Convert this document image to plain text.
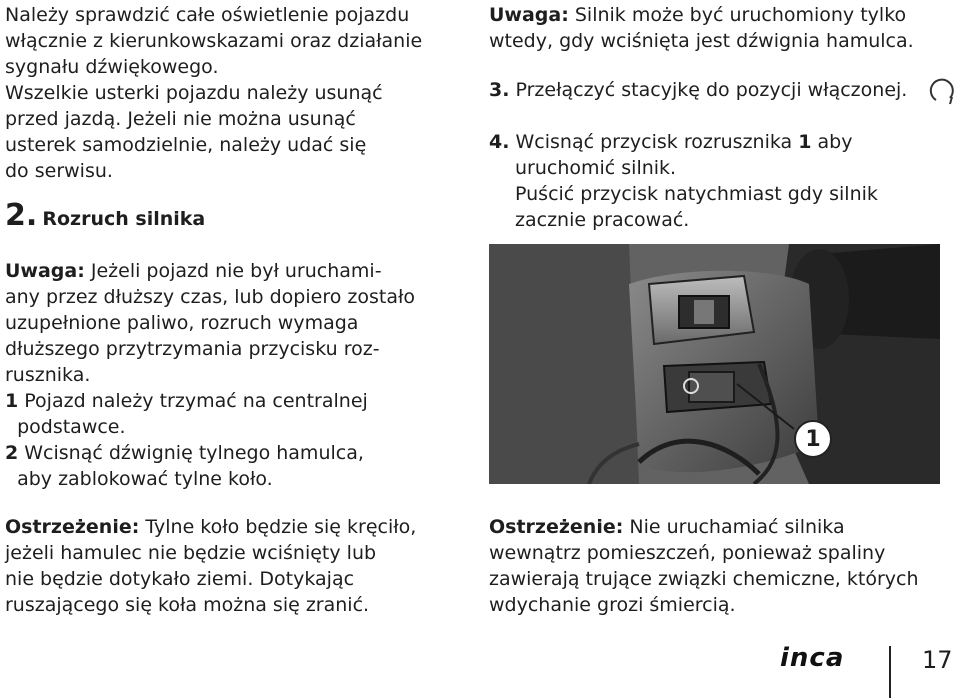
Należy sprawdzić całe oświetlenie pojazdu
włącznie z kierunkowskazami oraz działanie
sygnału dźwiękowego.
Wszelkie usterki pojazdu należy usunąć
przed jazdą. Jeżeli nie można usunąć
usterek samodzielnie, należy udać się
do serwisu.
2. Rozruch silnika
Uwaga: Jeżeli pojazd nie był uruchami-
any przez dłuższy czas, lub dopiero zostało
uzupełnione paliwo, rozruch wymaga
dłuższego przytrzymania przycisku roz-
rusznika.
1 Pojazd należy trzymać na centralnej
podstawce.
2 Wcisnąć dźwignię tylnego hamulca,
aby zablokować tylne koło.
Ostrzeżenie: Tylne koło będzie się kręciło,
jeżeli hamulec nie będzie wciśnięty lub
nie będzie dotykało ziemi. Dotykając
ruszającego się koła można się zranić.
Uwaga: Silnik może być uruchomiony tylko
wtedy, gdy wciśnięta jest dźwignia hamulca.
3. Przełączyć stacyjkę do pozycji włączonej.
4. Wcisnąć przycisk rozrusznika 1 aby
uruchomić silnik.
Puścić przycisk natychmiast gdy silnik
zacznie pracować.
1
Ostrzeżenie: Nie uruchamiać silnika
wewnątrz pomieszczeń, ponieważ spaliny
zawierają trujące związki chemiczne, których
wdychanie grozi śmiercią.
inca	17
